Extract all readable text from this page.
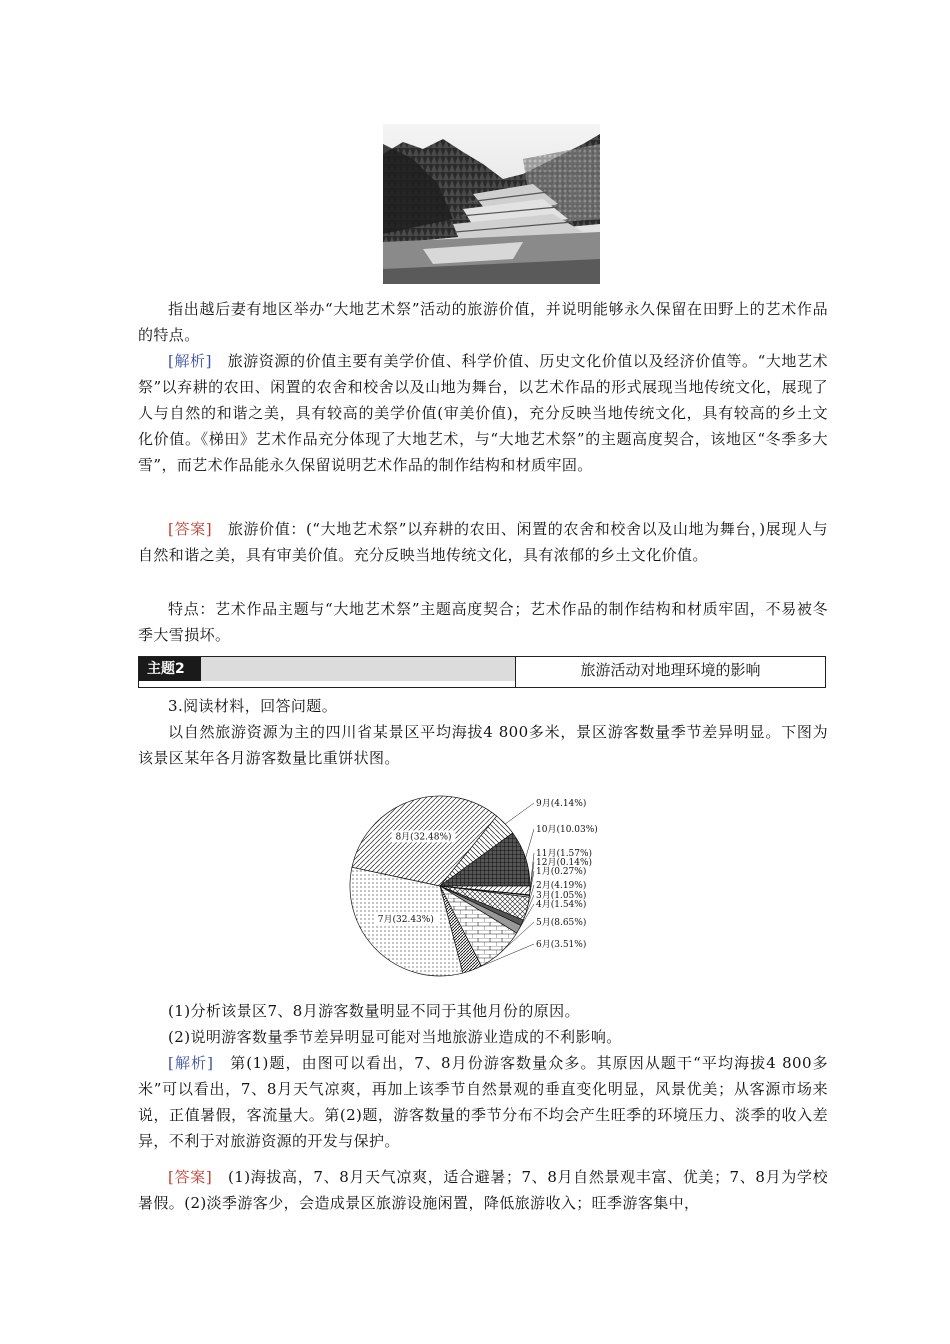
指出越后妻有地区举办“大地艺术祭”活动的旅游价值，并说明能够永久保留在田野上的艺术作品的特点。

[解析]　旅游资源的价值主要有美学价值、科学价值、历史文化价值以及经济价值等。“大地艺术祭”以弃耕的农田、闲置的农舍和校舍以及山地为舞台，以艺术作品的形式展现当地传统文化，展现了人与自然的和谐之美，具有较高的美学价值(审美价值)，充分反映当地传统文化，具有较高的乡土文化价值。《梯田》艺术作品充分体现了大地艺术，与“大地艺术祭”的主题高度契合，该地区“冬季多大雪”，而艺术作品能永久保留说明艺术作品的制作结构和材质牢固。

[答案]　旅游价值：(“大地艺术祭”以弃耕的农田、闲置的农舍和校舍以及山地为舞台，)展现人与自然和谐之美，具有审美价值。充分反映当地传统文化，具有浓郁的乡土文化价值。

特点：艺术作品主题与“大地艺术祭”主题高度契合；艺术作品的制作结构和材质牢固，不易被冬季大雪损坏。

主题2	旅游活动对地理环境的影响

3.阅读材料，回答问题。

以自然旅游资源为主的四川省某景区平均海拔4 800多米，景区游客数量季节差异明显。下图为该景区某年各月游客数量比重饼状图。

9月(4.14%)
10月(10.03%)
11月(1.57%)
12月(0.14%)
1月(0.27%)
2月(4.19%)
3月(1.05%)
4月(1.54%)
5月(8.65%)
6月(3.51%)
7月(32.43%)
8月(32.48%)

(1)分析该景区7、8月游客数量明显不同于其他月份的原因。

(2)说明游客数量季节差异明显可能对当地旅游业造成的不利影响。

[解析]　第(1)题，由图可以看出，7、8月份游客数量众多。其原因从题干“平均海拔4 800多米”可以看出，7、8月天气凉爽，再加上该季节自然景观的垂直变化明显，风景优美；从客源市场来说，正值暑假，客流量大。第(2)题，游客数量的季节分布不均会产生旺季的环境压力、淡季的收入差异，不利于对旅游资源的开发与保护。

[答案]　(1)海拔高，7、8月天气凉爽，适合避暑；7、8月自然景观丰富、优美；7、8月为学校暑假。(2)淡季游客少，会造成景区旅游设施闲置，降低旅游收入；旺季游客集中，
